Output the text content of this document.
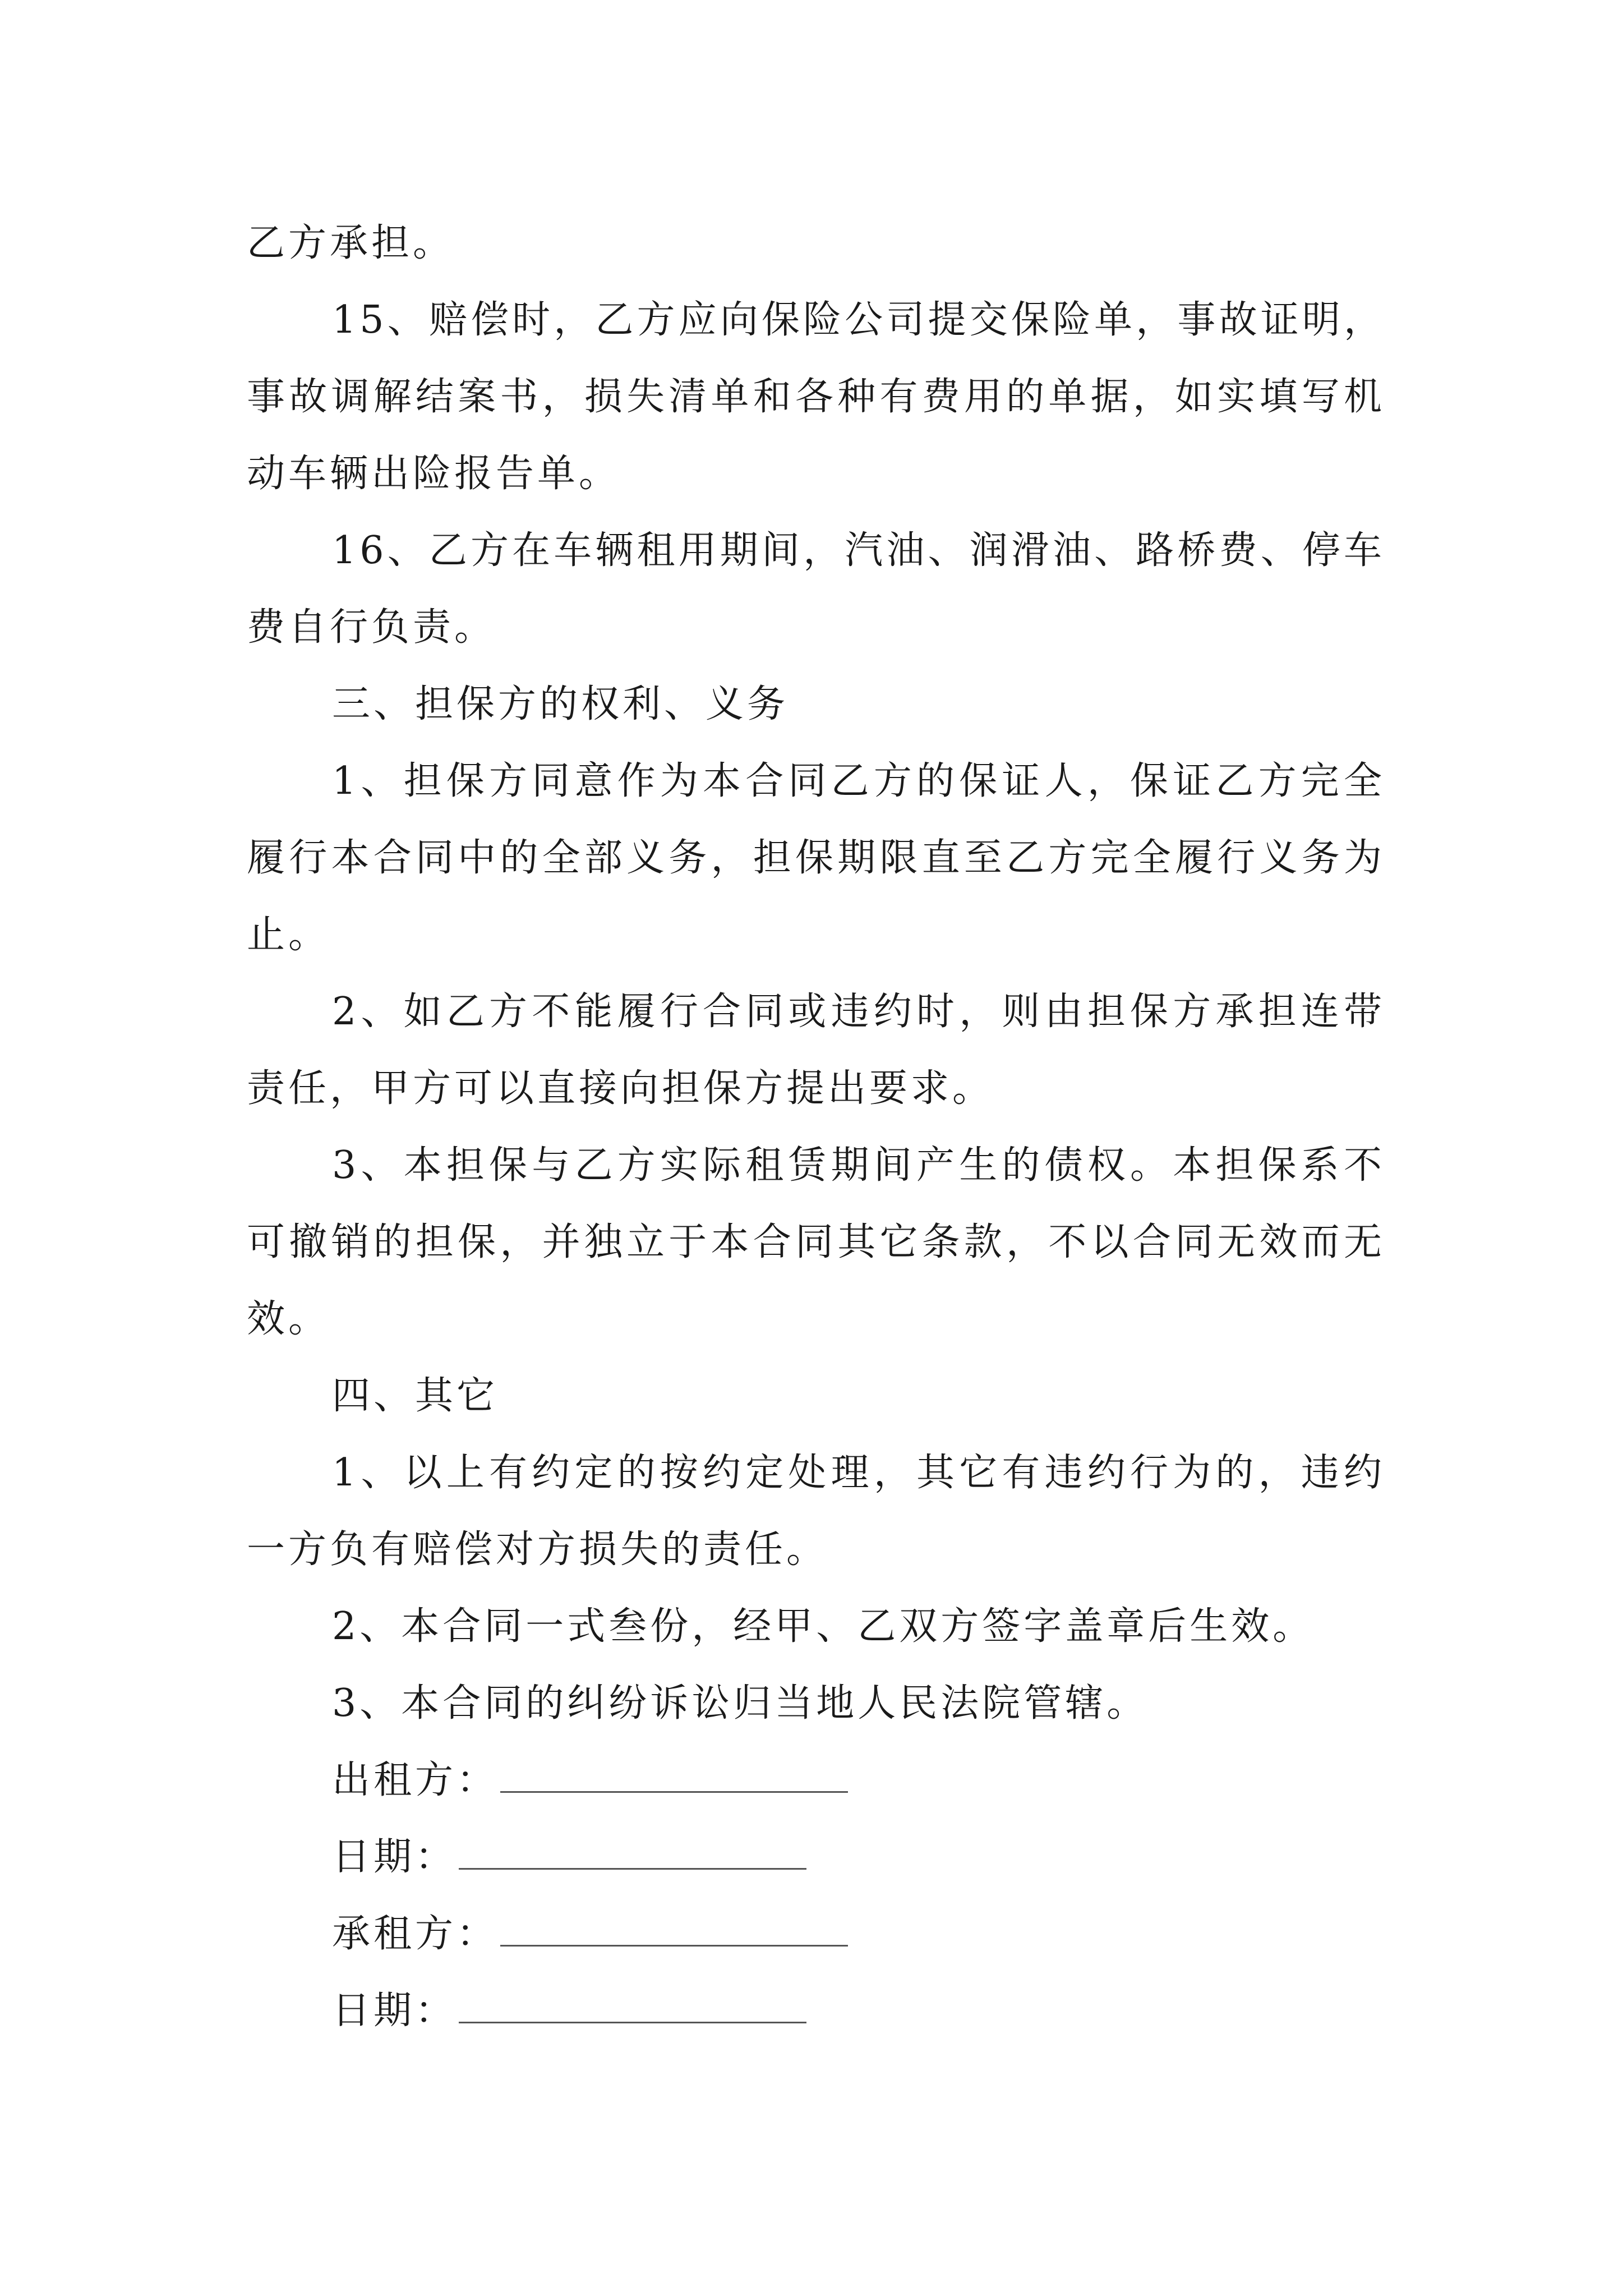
乙方承担。

15、赔偿时，乙方应向保险公司提交保险单，事故证明，事故调解结案书，损失清单和各种有费用的单据，如实填写机动车辆出险报告单。

16、乙方在车辆租用期间，汽油、润滑油、路桥费、停车费自行负责。

三、担保方的权利、义务

1、担保方同意作为本合同乙方的保证人，保证乙方完全履行本合同中的全部义务，担保期限直至乙方完全履行义务为止。

2、如乙方不能履行合同或违约时，则由担保方承担连带责任，甲方可以直接向担保方提出要求。

3、本担保与乙方实际租赁期间产生的债权。本担保系不可撤销的担保，并独立于本合同其它条款，不以合同无效而无效。

四、其它

1、以上有约定的按约定处理，其它有违约行为的，违约一方负有赔偿对方损失的责任。

2、本合同一式叁份，经甲、乙双方签字盖章后生效。

3、本合同的纠纷诉讼归当地人民法院管辖。

出租方：
日期：
承租方：
日期：
